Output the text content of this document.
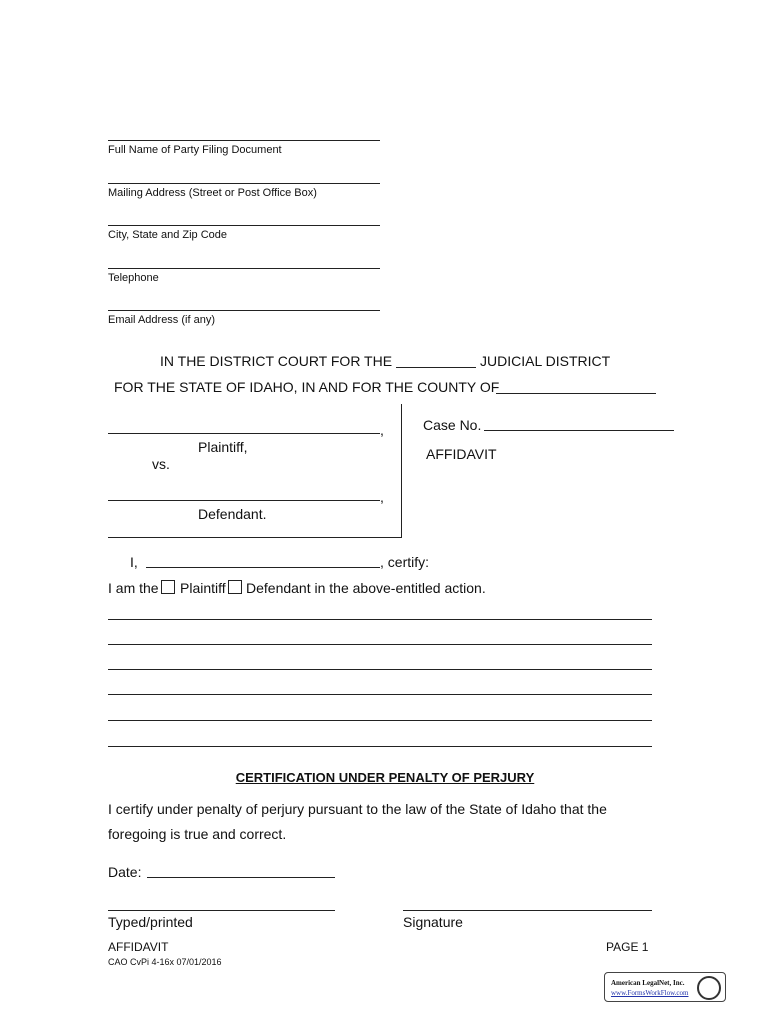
Full Name of Party Filing Document
Mailing Address (Street or Post Office Box)
City, State and Zip Code
Telephone
Email Address (if any)
IN THE DISTRICT COURT FOR THE	JUDICIAL DISTRICT
FOR THE STATE OF IDAHO, IN AND FOR THE COUNTY OF
,
Plaintiff,
vs.
,
Defendant.
Case No.
AFFIDAVIT
I,	, certify:
I am the Plaintiff Defendant in the above-entitled action.
CERTIFICATION UNDER PENALTY OF PERJURY
I certify under penalty of perjury pursuant to the law of the State of Idaho that the
foregoing is true and correct.
Date:
Typed/printed	Signature
AFFIDAVIT	PAGE 1
CAO CvPi 4-16x 07/01/2016
American LegalNet, Inc.
www.FormsWorkFlow.com
